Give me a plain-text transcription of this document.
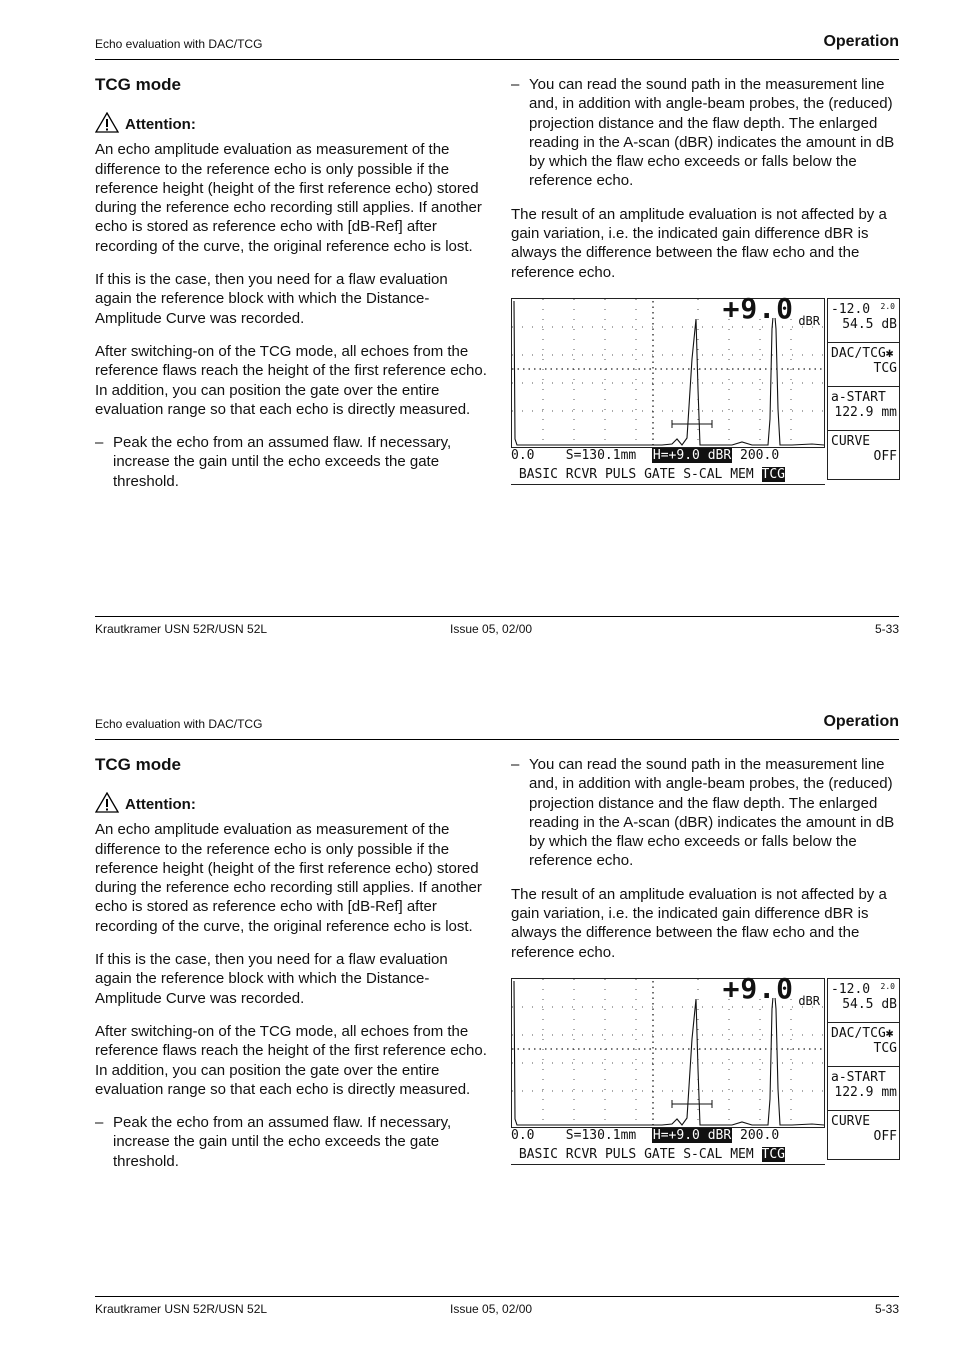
Echo evaluation with DAC/TCG	Operation
TCG mode
Attention:

An echo amplitude evaluation as measurement of the difference to the reference echo is only possible if the reference height (height of the first reference echo) stored during the reference echo recording still applies. If another echo is stored as reference echo with [dB-Ref] after recording of the curve, the original reference echo is lost.

If this is the case, then you need for a flaw evaluation again the reference block with which the Distance-Amplitude Curve was recorded.

After switching-on of the TCG mode, all echoes from the reference flaws reach the height of the first reference echo. In addition, you can position the gate over the entire evaluation range so that each echo is directly measured.

– Peak the echo from an assumed flaw. If necessary, increase the gain until the echo exceeds the gate threshold.
– You can read the sound path in the measurement line and, in addition with angle-beam probes, the (reduced) projection distance and the flaw depth. The enlarged reading in the A-scan (dBR) indicates the amount in dB by which the flaw echo exceeds or falls below the reference echo.

The result of an amplitude evaluation is not affected by a gain variation, i.e. the indicated gain difference dBR is always the difference between the flaw echo and the reference echo.

+9.0 dBR
2.0
-12.0
54.5 dB
DAC/TCG✱
TCG
a-START
122.9 mm
CURVE
OFF
0.0 S=130.1mm H=+9.0 dBR 200.0
BASIC RCVR PULS GATE S-CAL MEM TCG
Krautkramer USN 52R/USN 52L	Issue 05, 02/00	5-33
Echo evaluation with DAC/TCG	Operation
TCG mode
Attention:

An echo amplitude evaluation as measurement of the difference to the reference echo is only possible if the reference height (height of the first reference echo) stored during the reference echo recording still applies. If another echo is stored as reference echo with [dB-Ref] after recording of the curve, the original reference echo is lost.

If this is the case, then you need for a flaw evaluation again the reference block with which the Distance-Amplitude Curve was recorded.

After switching-on of the TCG mode, all echoes from the reference flaws reach the height of the first reference echo. In addition, you can position the gate over the entire evaluation range so that each echo is directly measured.

– Peak the echo from an assumed flaw. If necessary, increase the gain until the echo exceeds the gate threshold.
– You can read the sound path in the measurement line and, in addition with angle-beam probes, the (reduced) projection distance and the flaw depth. The enlarged reading in the A-scan (dBR) indicates the amount in dB by which the flaw echo exceeds or falls below the reference echo.

The result of an amplitude evaluation is not affected by a gain variation, i.e. the indicated gain difference dBR is always the difference between the flaw echo and the reference echo.

+9.0 dBR
2.0
-12.0
54.5 dB
DAC/TCG✱
TCG
a-START
122.9 mm
CURVE
OFF
0.0 S=130.1mm H=+9.0 dBR 200.0
BASIC RCVR PULS GATE S-CAL MEM TCG
Krautkramer USN 52R/USN 52L	Issue 05, 02/00	5-33
